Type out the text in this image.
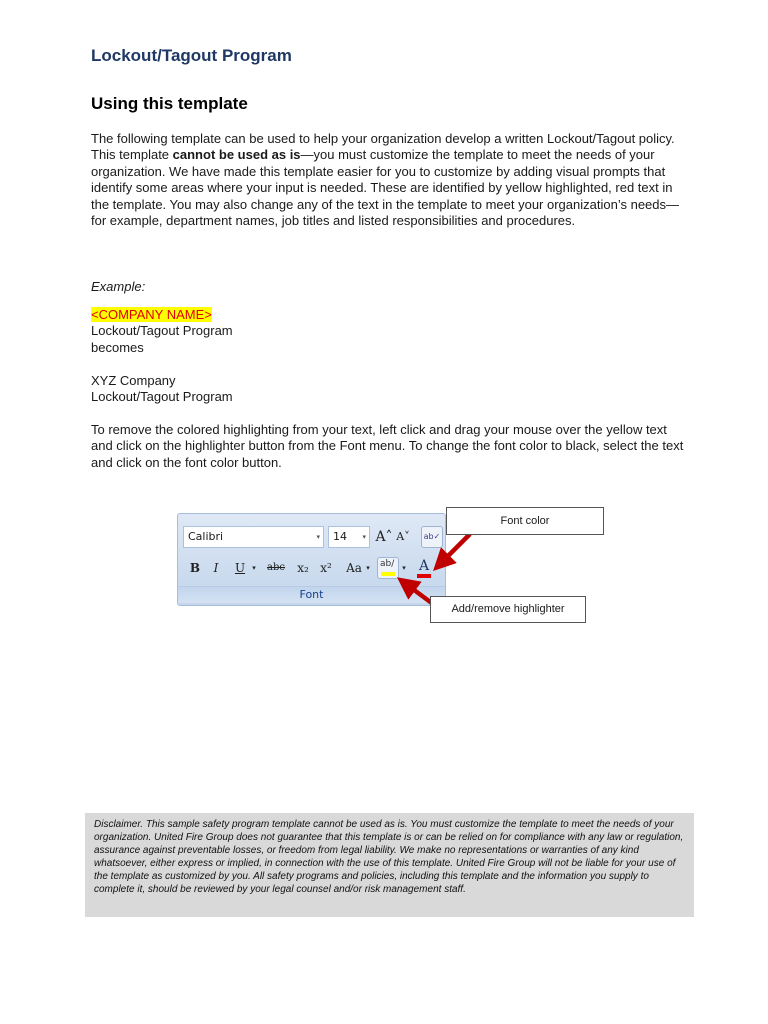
Lockout/Tagout Program
Using this template

The following template can be used to help your organization develop a written Lockout/Tagout policy. This template cannot be used as is—you must customize the template to meet the needs of your organization. We have made this template easier for you to customize by adding visual prompts that identify some areas where your input is needed. These are identified by yellow highlighted, red text in the template. You may also change any of the text in the template to meet your organization’s needs—for example, department names, job titles and listed responsibilities and procedures.

Example:

<COMPANY NAME>
Lockout/Tagout Program
becomes
XYZ Company
Lockout/Tagout Program

To remove the colored highlighting from your text, left click and drag your mouse over the yellow text and click on the highlighter button from the Font menu. To change the font color to black, select the text and click on the font color button.

Calibri	▾	14 ▾ A˄ A˅	ab✓
B	I	U	▾	abc x₂ x² Aa ▾ ab∕	▾ A
Font
Font color
Add/remove highlighter
Disclaimer. This sample safety program template cannot be used as is. You must customize the template to meet the needs of your organization. United Fire Group does not guarantee that this template is or can be relied on for compliance with any law or regulation, assurance against preventable losses, or freedom from legal liability. We make no representations or warranties of any kind whatsoever, either express or implied, in connection with the use of this template. United Fire Group will not be liable for your use of the template as customized by you. All safety programs and policies, including this template and the information you supply to complete it, should be reviewed by your legal counsel and/or risk management staff.
